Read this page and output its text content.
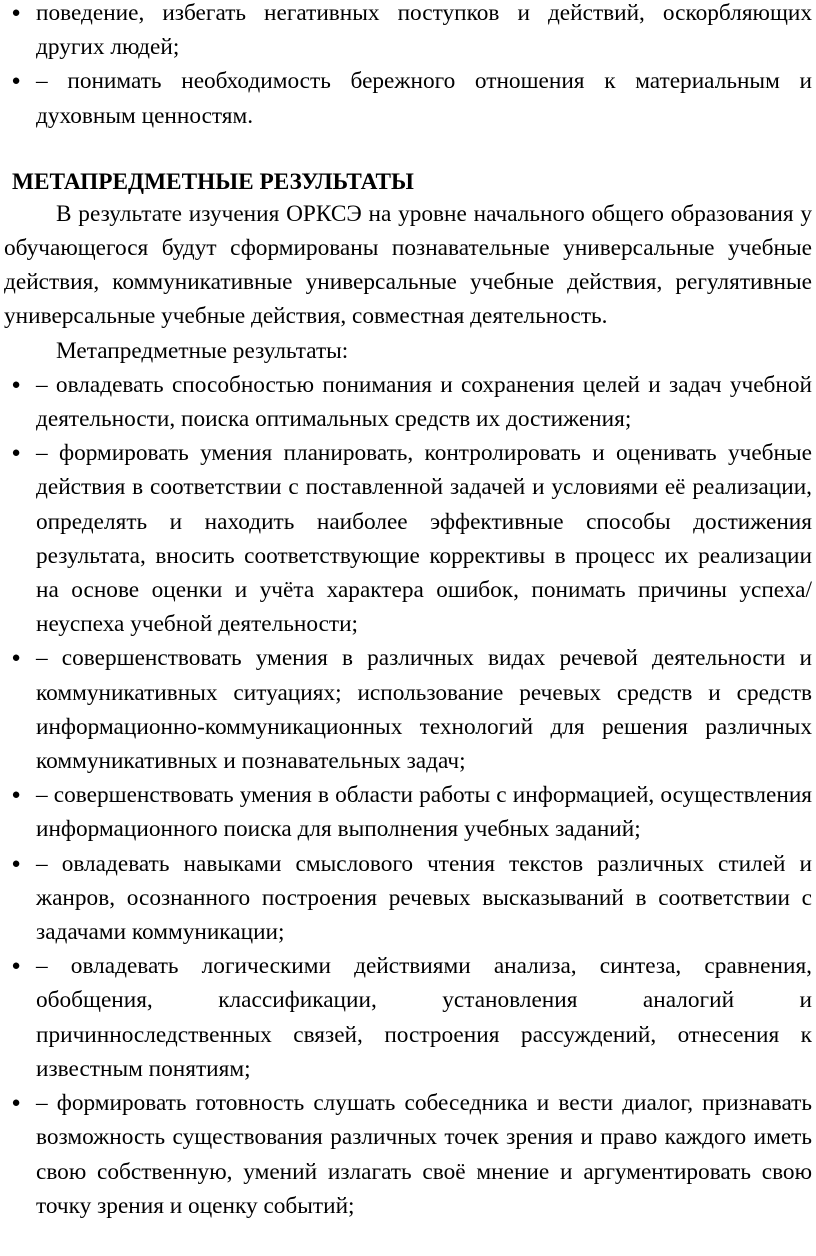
● поведение, избегать негативных поступков и действий, оскорбляющих других людей;
● – понимать необходимость бережного отношения к материальным и духовным ценностям.
МЕТАПРЕДМЕТНЫЕ РЕЗУЛЬТАТЫ

В результате изучения ОРКСЭ на уровне начального общего образования у обучающегося будут сформированы познавательные универсальные учебные действия, коммуникативные универсальные учебные действия, регулятивные универсальные учебные действия, совместная деятельность.

Метапредметные результаты:

● – овладевать способностью понимания и сохранения целей и задач учебной деятельности, поиска оптимальных средств их достижения;
● – формировать умения планировать, контролировать и оценивать учебные действия в соответствии с поставленной задачей и условиями её реализации, определять и находить наиболее эффективные способы достижения результата, вносить соответствующие коррективы в процесс их реализации на основе оценки и учёта характера ошибок, понимать причины успеха/неуспеха учебной деятельности;
● – совершенствовать умения в различных видах речевой деятельности и коммуникативных ситуациях; использование речевых средств и средств информационно-коммуникационных технологий для решения различных коммуникативных и познавательных задач;
● – совершенствовать умения в области работы с информацией, осуществления информационного поиска для выполнения учебных заданий;
● – овладевать навыками смыслового чтения текстов различных стилей и жанров, осознанного построения речевых высказываний в соответствии с задачами коммуникации;
● – овладевать логическими действиями анализа, синтеза, сравнения, обобщения, классификации, установления аналогий и причинноследственных связей, построения рассуждений, отнесения к известным понятиям;
● – формировать готовность слушать собеседника и вести диалог, признавать возможность существования различных точек зрения и право каждого иметь свою собственную, умений излагать своё мнение и аргументировать свою точку зрения и оценку событий;
